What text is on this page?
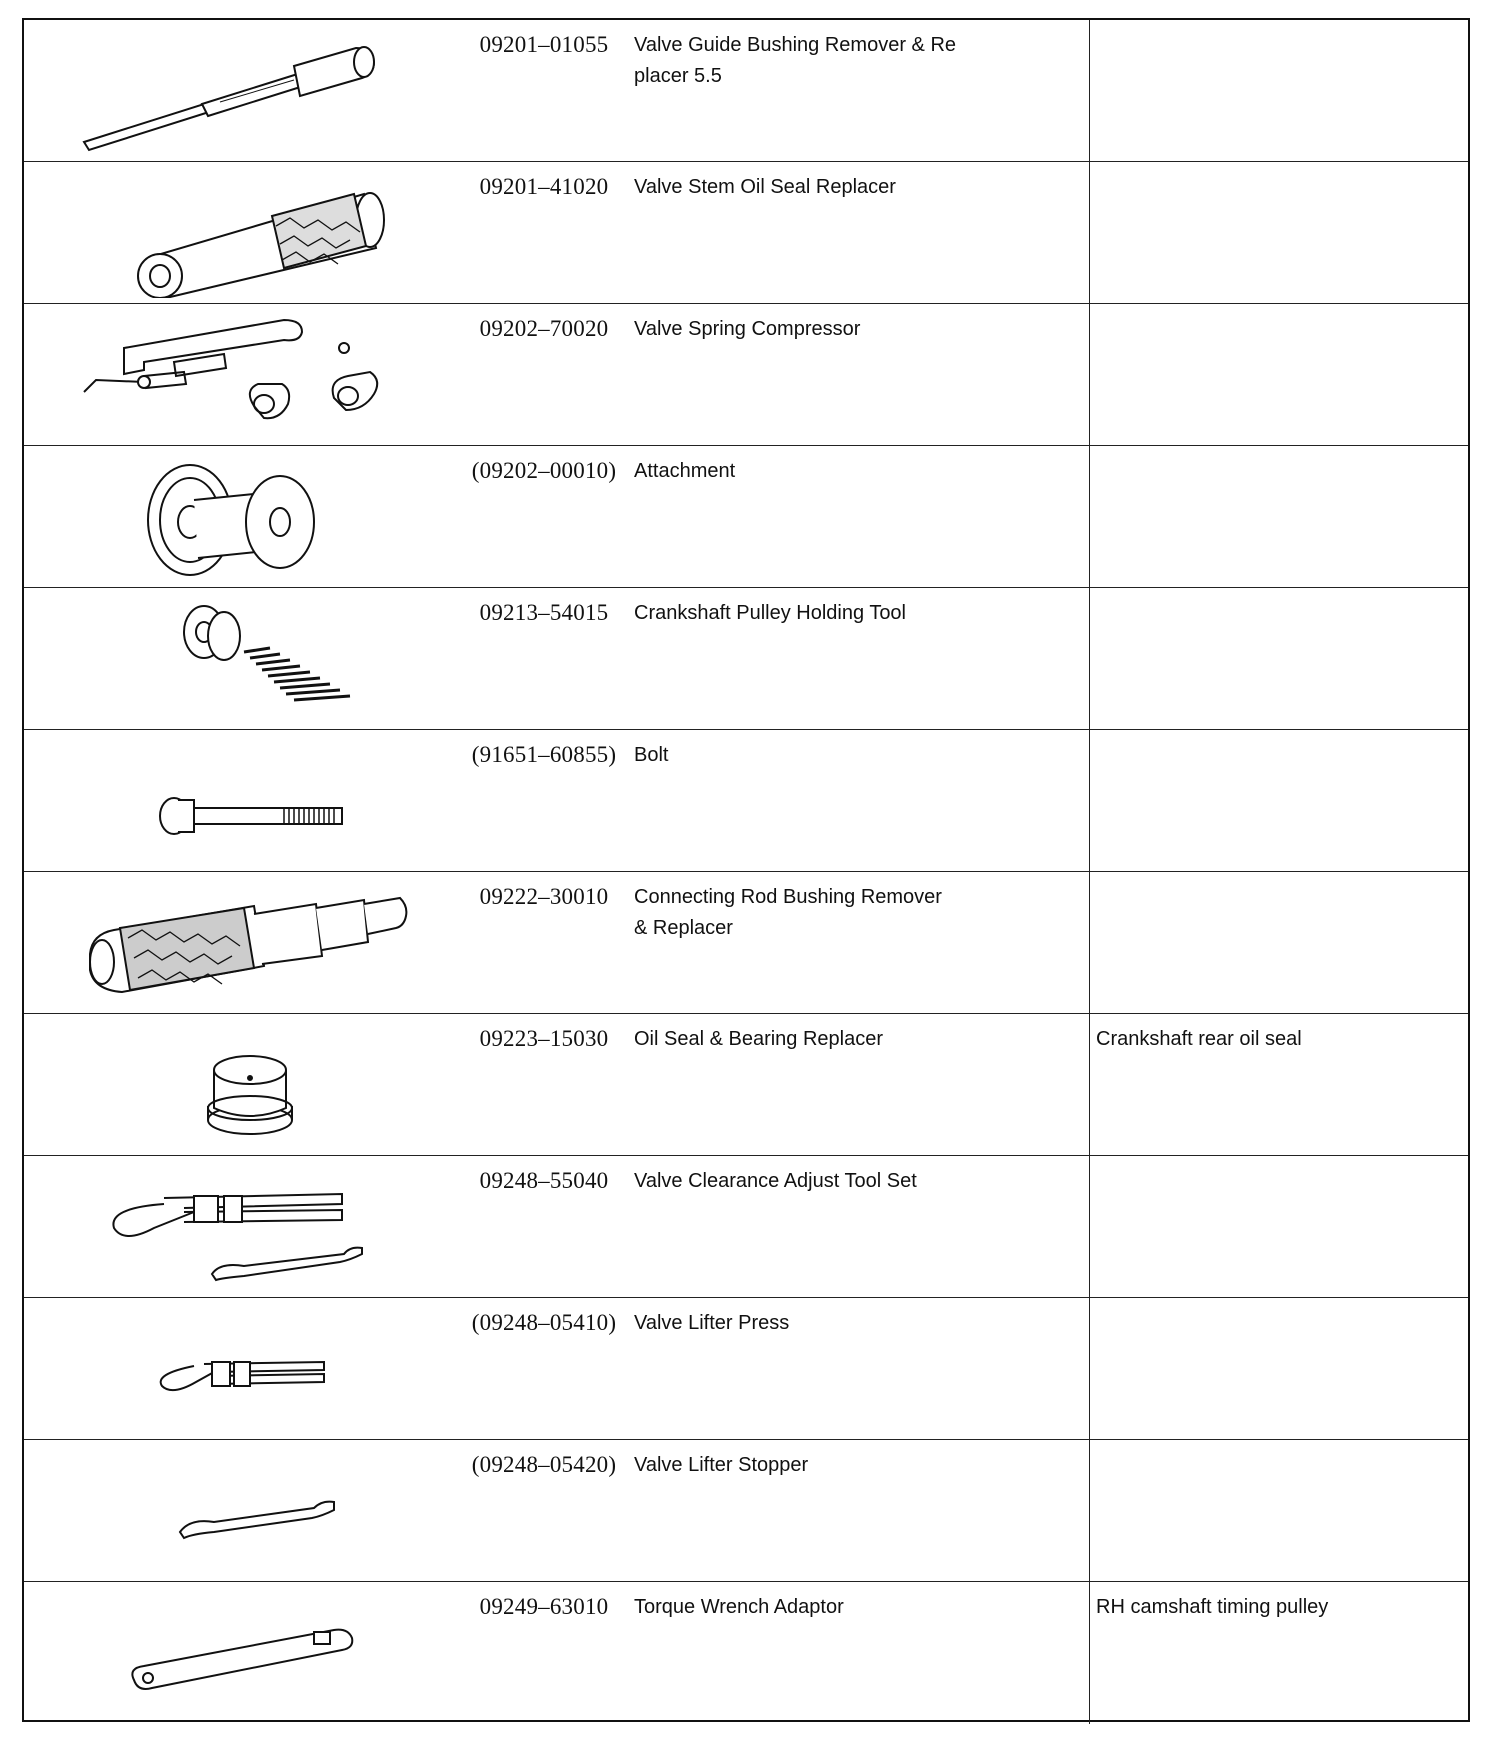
09201–01055	Valve Guide Bushing Remover & Re
placer 5.5
09201–41020	Valve Stem Oil Seal Replacer
09202–70020	Valve Spring Compressor
(09202–00010) Attachment
09213–54015	Crankshaft Pulley Holding Tool
(91651–60855) Bolt
09222–30010	Connecting Rod Bushing Remover
& Replacer
09223–15030	Oil Seal & Bearing Replacer	Crankshaft rear oil seal
09248–55040	Valve Clearance Adjust Tool Set
(09248–05410) Valve Lifter Press
(09248–05420) Valve Lifter Stopper
09249–63010	Torque Wrench Adaptor	RH camshaft timing pulley
